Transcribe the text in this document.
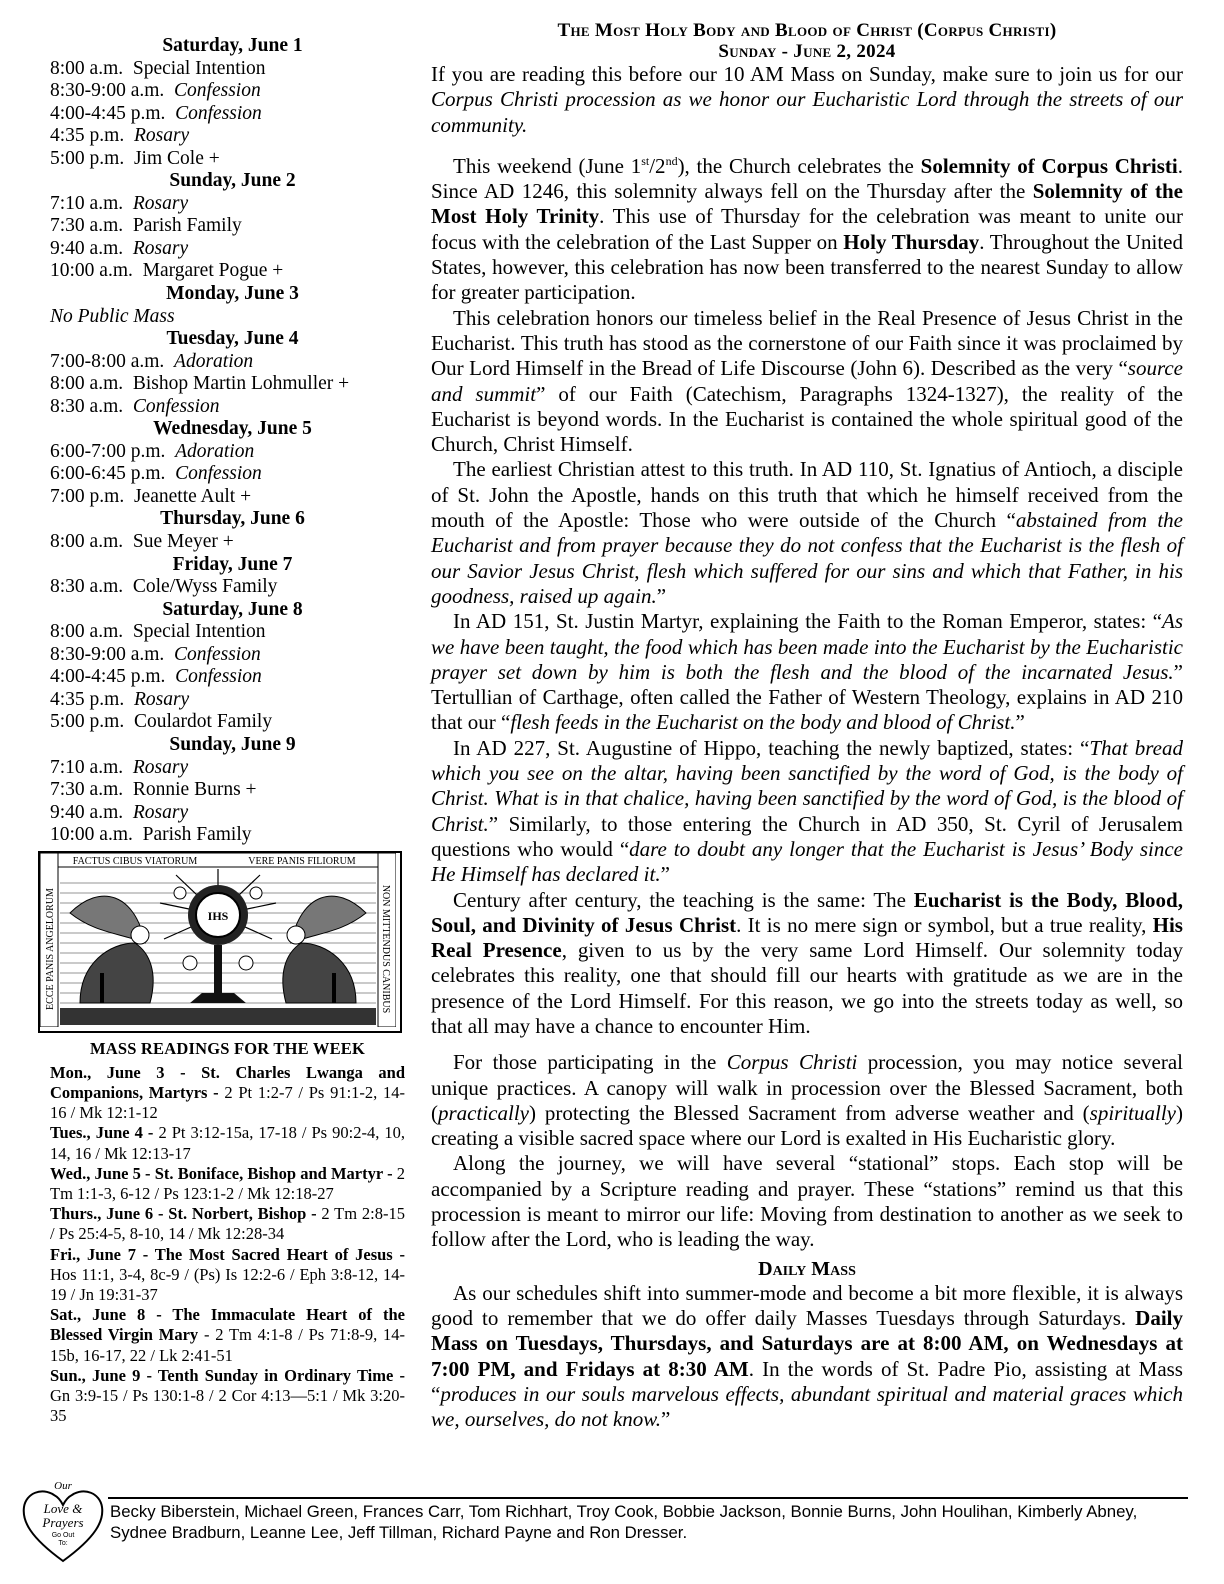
Saturday, June 1
8:00 a.m.  Special Intention
8:30-9:00 a.m.  Confession
4:00-4:45 p.m.  Confession
4:35 p.m.  Rosary
5:00 p.m.  Jim Cole +
Sunday, June 2
7:10 a.m.  Rosary
7:30 a.m.  Parish Family
9:40 a.m.  Rosary
10:00 a.m.  Margaret Pogue +
Monday, June 3
No Public Mass
Tuesday, June 4
7:00-8:00 a.m.  Adoration
8:00 a.m.  Bishop Martin Lohmuller +
8:30 a.m.  Confession
Wednesday, June 5
6:00-7:00 p.m.  Adoration
6:00-6:45 p.m.  Confession
7:00 p.m.  Jeanette Ault +
Thursday, June 6
8:00 a.m.  Sue Meyer +
Friday, June 7
8:30 a.m.  Cole/Wyss Family
Saturday, June 8
8:00 a.m.  Special Intention
8:30-9:00 a.m.  Confession
4:00-4:45 p.m.  Confession
4:35 p.m.  Rosary
5:00 p.m.  Coulardot Family
Sunday, June 9
7:10 a.m.  Rosary
7:30 a.m.  Ronnie Burns +
9:40 a.m.  Rosary
10:00 a.m.  Parish Family
FACTUS CIBUS VIATORUM	VERE PANIS FILIORUM
ECCE PANIS ANGELORUM	NON MITTENDUS CANIBUS
IHS
MASS READINGS FOR THE WEEK
Mon., June 3 - St. Charles Lwanga and Companions, Martyrs - 2 Pt 1:2-7 / Ps 91:1-2, 14-16 / Mk 12:1-12
Tues., June 4 - 2 Pt 3:12-15a, 17-18 / Ps 90:2-4, 10, 14, 16 / Mk 12:13-17
Wed., June 5 - St. Boniface, Bishop and Martyr - 2 Tm 1:1-3, 6-12 / Ps 123:1-2 / Mk 12:18-27
Thurs., June 6 - St. Norbert, Bishop - 2 Tm 2:8-15 / Ps 25:4-5, 8-10, 14 / Mk 12:28-34
Fri., June 7 - The Most Sacred Heart of Jesus - Hos 11:1, 3-4, 8c-9 / (Ps) Is 12:2-6 / Eph 3:8-12, 14-19 / Jn 19:31-37
Sat., June 8 - The Immaculate Heart of the Blessed Virgin Mary - 2 Tm 4:1-8 / Ps 71:8-9, 14-15b, 16-17, 22 / Lk 2:41-51
Sun., June 9 - Tenth Sunday in Ordinary Time - Gn 3:9-15 / Ps 130:1-8 / 2 Cor 4:13—5:1 / Mk 3:20-35
The Most Holy Body and Blood of Christ (Corpus Christi)
Sunday - June 2, 2024

If you are reading this before our 10 AM Mass on Sunday, make sure to join us for our Corpus Christi procession as we honor our Eucharistic Lord through the streets of our community.

This weekend (June 1st/2nd), the Church celebrates the Solemnity of Corpus Christi. Since AD 1246, this solemnity always fell on the Thursday after the Solemnity of the Most Holy Trinity. This use of Thursday for the celebration was meant to unite our focus with the celebration of the Last Supper on Holy Thursday. Throughout the United States, however, this celebration has now been transferred to the nearest Sunday to allow for greater participation.

This celebration honors our timeless belief in the Real Presence of Jesus Christ in the Eucharist. This truth has stood as the cornerstone of our Faith since it was proclaimed by Our Lord Himself in the Bread of Life Discourse (John 6). Described as the very “source and summit” of our Faith (Catechism, Paragraphs 1324-1327), the reality of the Eucharist is beyond words. In the Eucharist is contained the whole spiritual good of the Church, Christ Himself.

The earliest Christian attest to this truth. In AD 110, St. Ignatius of Antioch, a disciple of St. John the Apostle, hands on this truth that which he himself received from the mouth of the Apostle: Those who were outside of the Church “abstained from the Eucharist and from prayer because they do not confess that the Eucharist is the flesh of our Savior Jesus Christ, flesh which suffered for our sins and which that Father, in his goodness, raised up again.”

In AD 151, St. Justin Martyr, explaining the Faith to the Roman Emperor, states: “As we have been taught, the food which has been made into the Eucharist by the Eucharistic prayer set down by him is both the flesh and the blood of the incarnated Jesus.” Tertullian of Carthage, often called the Father of Western Theology, explains in AD 210 that our “flesh feeds in the Eucharist on the body and blood of Christ.”

In AD 227, St. Augustine of Hippo, teaching the newly baptized, states: “That bread which you see on the altar, having been sanctified by the word of God, is the body of Christ. What is in that chalice, having been sanctified by the word of God, is the blood of Christ.” Similarly, to those entering the Church in AD 350, St. Cyril of Jerusalem questions who would “dare to doubt any longer that the Eucharist is Jesus’ Body since He Himself has declared it.”

Century after century, the teaching is the same: The Eucharist is the Body, Blood, Soul, and Divinity of Jesus Christ. It is no mere sign or symbol, but a true reality, His Real Presence, given to us by the very same Lord Himself. Our solemnity today celebrates this reality, one that should fill our hearts with gratitude as we are in the presence of the Lord Himself. For this reason, we go into the streets today as well, so that all may have a chance to encounter Him.

For those participating in the Corpus Christi procession, you may notice several unique practices. A canopy will walk in procession over the Blessed Sacrament, both (practically) protecting the Blessed Sacrament from adverse weather and (spiritually) creating a visible sacred space where our Lord is exalted in His Eucharistic glory.

Along the journey, we will have several “stational” stops. Each stop will be accompanied by a Scripture reading and prayer. These “stations” remind us that this procession is meant to mirror our life: Moving from destination to another as we seek to follow after the Lord, who is leading the way.

Daily Mass

As our schedules shift into summer-mode and become a bit more flexible, it is always good to remember that we do offer daily Masses Tuesdays through Saturdays. Daily Mass on Tuesdays, Thursdays, and Saturdays are at 8:00 AM, on Wednesdays at 7:00 PM, and Fridays at 8:30 AM. In the words of St. Padre Pio, assisting at Mass “produces in our souls marvelous effects, abundant spiritual and material graces which we, ourselves, do not know.”

Our
Love &
Prayers
Go Out
To:
Becky Biberstein, Michael Green, Frances Carr, Tom Richhart, Troy Cook, Bobbie Jackson, Bonnie Burns, John Houlihan, Kimberly Abney, Sydnee Bradburn, Leanne Lee, Jeff Tillman, Richard Payne and Ron Dresser.
